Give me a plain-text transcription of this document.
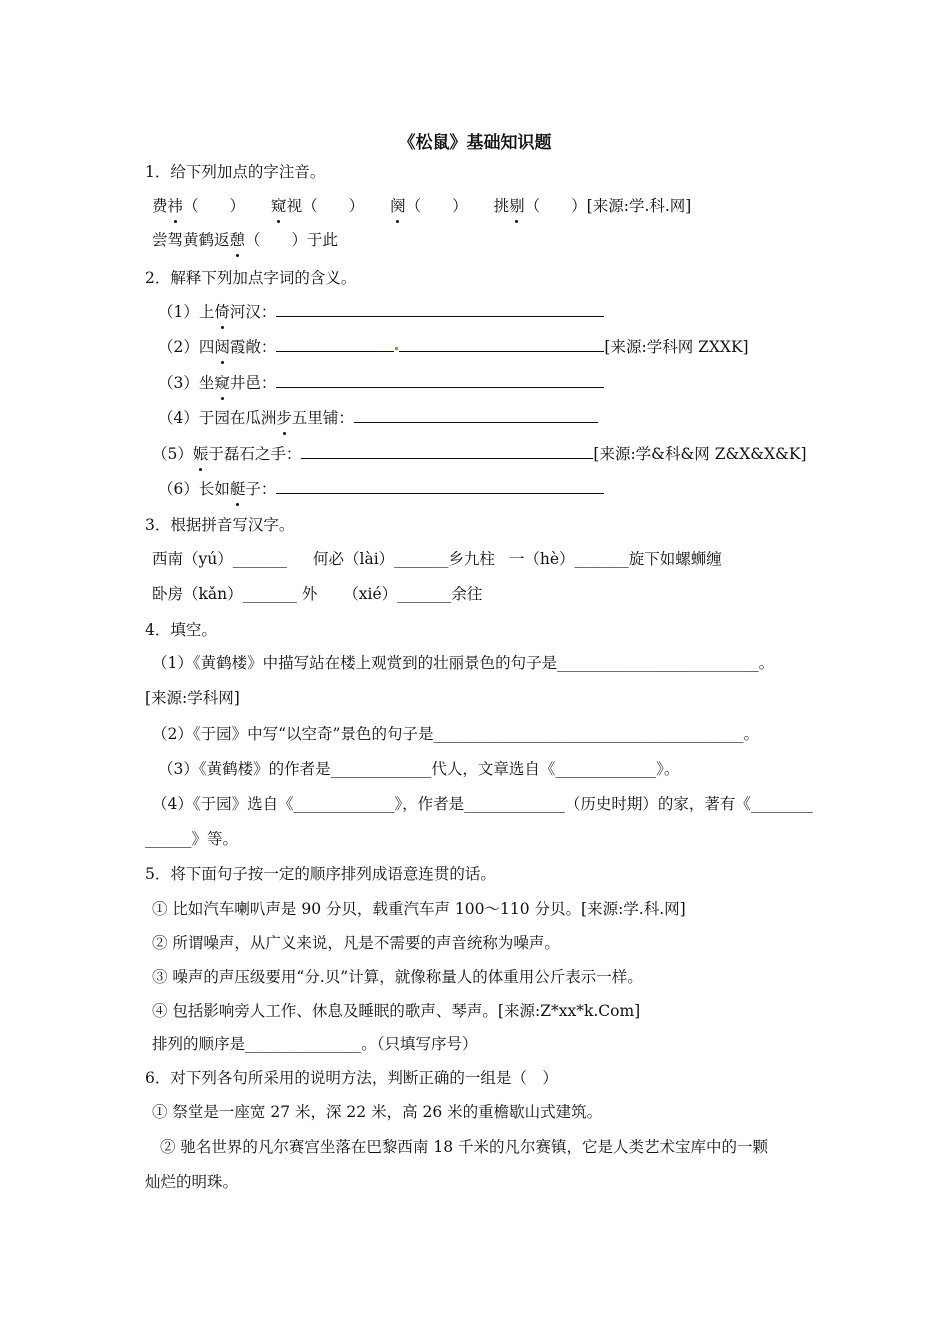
《松鼠》基础知识题
1．给下列加点的字注音。
费祎（　　） 窥视（　　） 阕（　　） 挑剔（　　）[来源:学.科.网]
尝驾黄鹤返憩（　　）于此
2．解释下列加点字词的含义。
（1）上倚河汉：
（2）四闼霞敞：	[来源:学科网 ZXXK]
（3）坐窥井邑：
（4）于园在瓜洲步五里铺：
（5）娠于磊石之手：	[来源:学&科&网 Z&X&X&K]
（6）长如艇子：
3．根据拼音写汉字。
西南（yú）_______ 何必（lài）_______乡九柱 一（hè）_______旋下如螺蛳缠
卧房（kǎn）_______ 外 （xié）_______余往
4．填空。
（1）《黄鹤楼》中描写站在楼上观赏到的壮丽景色的句子是__________________________。
[来源:学科网]
（2）《于园》中写“以空奇”景色的句子是________________________________________。
（3）《黄鹤楼》的作者是_____________代人，文章选自《_____________》。
（4）《于园》选自《_____________》，作者是_____________（历史时期）的家，著有《________
______》等。
5．将下面句子按一定的顺序排列成语意连贯的话。
① 比如汽车喇叭声是 90 分贝，载重汽车声 100～110 分贝。[来源:学.科.网]
② 所谓噪声，从广义来说，凡是不需要的声音统称为噪声。
③ 噪声的声压级要用“分.贝”计算，就像称量人的体重用公斤表示一样。
④ 包括影响旁人工作、休息及睡眠的歌声、琴声。[来源:Z*xx*k.Com]
排列的顺序是_______________。（只填写序号）
6．对下列各句所采用的说明方法，判断正确的一组是（　）
① 祭堂是一座宽 27 米，深 22 米，高 26 米的重檐歇山式建筑。
② 驰名世界的凡尔赛宫坐落在巴黎西南 18 千米的凡尔赛镇，它是人类艺术宝库中的一颗
灿烂的明珠。
